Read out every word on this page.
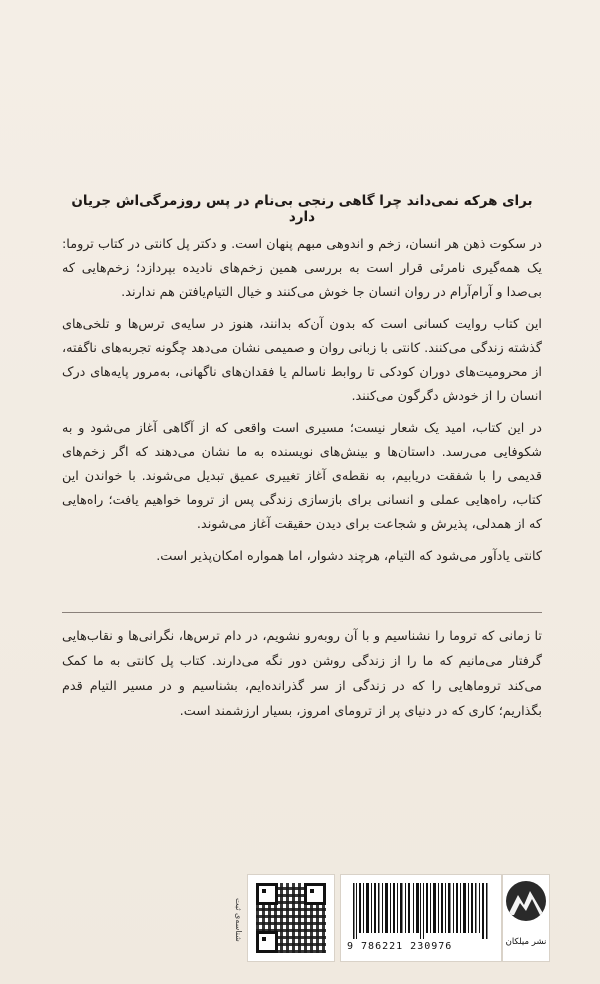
برای هرکه نمی‌داند چرا گاهی رنجی بی‌نام در پس روزمرگی‌اش جریان دارد

در سکوت ذهن هر انسان، زخم و اندوهی مبهم پنهان است. و دکتر پل کانتی در کتاب تروما: یک همه‌گیری نامرئی قرار است به بررسی همین زخم‌های نادیده بپردازد؛ زخم‌هایی که بی‌صدا و آرام‌آرام در روان انسان جا خوش می‌کنند و خیال التیام‌یافتن هم ندارند.

این کتاب روایت کسانی است که بدون آن‌که بدانند، هنوز در سایه‌ی ترس‌ها و تلخی‌های گذشته زندگی می‌کنند. کانتی با زبانی روان و صمیمی نشان می‌دهد چگونه تجربه‌های ناگفته، از محرومیت‌های دوران کودکی تا روابط ناسالم یا فقدان‌های ناگهانی، به‌مرور پایه‌های درک انسان را از خودش دگرگون می‌کنند.

در این کتاب، امید یک شعار نیست؛ مسیری است واقعی که از آگاهی آغاز می‌شود و به شکوفایی می‌رسد. داستان‌ها و بینش‌های نویسنده به ما نشان می‌دهند که اگر زخم‌های قدیمی را با شفقت دریابیم، به نقطه‌ی آغاز تغییری عمیق تبدیل می‌شوند. با خواندن این کتاب، راه‌هایی عملی و انسانی برای بازسازی زندگی پس از تروما خواهیم یافت؛ راه‌هایی که از همدلی، پذیرش و شجاعت برای دیدن حقیقت آغاز می‌شوند.

کانتی یادآور می‌شود که التیام، هرچند دشوار، اما همواره امکان‌پذیر است.

تا زمانی که تروما را نشناسیم و با آن روبه‌رو نشویم، در دام ترس‌ها، نگرانی‌ها و نقاب‌هایی گرفتار می‌مانیم که ما را از زندگی روشن دور نگه می‌دارند. کتاب پل کانتی به ما کمک می‌کند تروماهایی را که در زندگی از سر گذرانده‌ایم، بشناسیم و در مسیر التیام قدم بگذاریم؛ کاری که در دنیای پر از ترومای امروز، بسیار ارزشمند است.

شناسه‌ی ثبت
9 786221 230976	نشر میلکان
